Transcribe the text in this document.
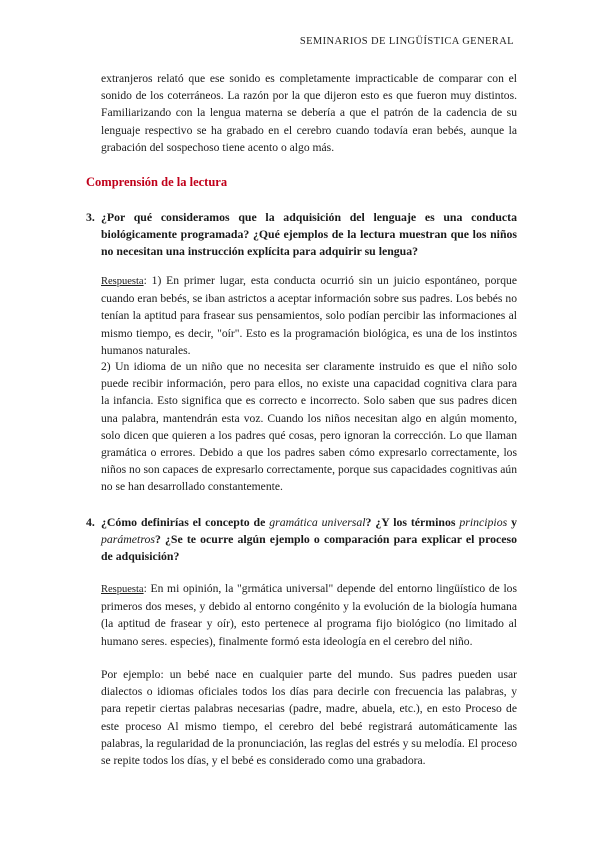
SEMINARIOS DE LINGÜÍSTICA GENERAL

extranjeros relató que ese sonido es completamente impracticable de comparar con el sonido de los coterráneos. La razón por la que dijeron esto es que fueron muy distintos. Familiarizando con la lengua materna se debería a que el patrón de la cadencia de su lenguaje respectivo se ha grabado en el cerebro cuando todavía eran bebés, aunque la grabación del sospechoso tiene acento o algo más.

Comprensión de la lectura
3. ¿Por qué consideramos que la adquisición del lenguaje es una conducta biológicamente programada? ¿Qué ejemplos de la lectura muestran que los niños no necesitan una instrucción explícita para adquirir su lengua?

Respuesta: 1) En primer lugar, esta conducta ocurrió sin un juicio espontáneo, porque cuando eran bebés, se iban astrictos a aceptar información sobre sus padres. Los bebés no tenían la aptitud para frasear sus pensamientos, solo podían percibir las informaciones al mismo tiempo, es decir, "oír". Esto es la programación biológica, es una de los instintos humanos naturales.

2) Un idioma de un niño que no necesita ser claramente instruido es que el niño solo puede recibir información, pero para ellos, no existe una capacidad cognitiva clara para la infancia. Esto significa que es correcto e incorrecto. Solo saben que sus padres dicen una palabra, mantendrán esta voz. Cuando los niños necesitan algo en algún momento, solo dicen que quieren a los padres qué cosas, pero ignoran la corrección. Lo que llaman gramática o errores. Debido a que los padres saben cómo expresarlo correctamente, los niños no son capaces de expresarlo correctamente, porque sus capacidades cognitivas aún no se han desarrollado constantemente.

4. ¿Cómo definirías el concepto de gramática universal? ¿Y los términos principios y parámetros? ¿Se te ocurre algún ejemplo o comparación para explicar el proceso de adquisición?

Respuesta: En mi opinión, la "grmática universal" depende del entorno lingüístico de los primeros dos meses, y debido al entorno congénito y la evolución de la biología humana (la aptitud de frasear y oír), esto pertenece al programa fijo biológico (no limitado al humano seres. especies), finalmente formó esta ideología en el cerebro del niño.

Por ejemplo: un bebé nace en cualquier parte del mundo. Sus padres pueden usar dialectos o idiomas oficiales todos los días para decirle con frecuencia las palabras, y para repetir ciertas palabras necesarias (padre, madre, abuela, etc.), en esto Proceso de este proceso Al mismo tiempo, el cerebro del bebé registrará automáticamente las palabras, la regularidad de la pronunciación, las reglas del estrés y su melodía. El proceso se repite todos los días, y el bebé es considerado como una grabadora.
